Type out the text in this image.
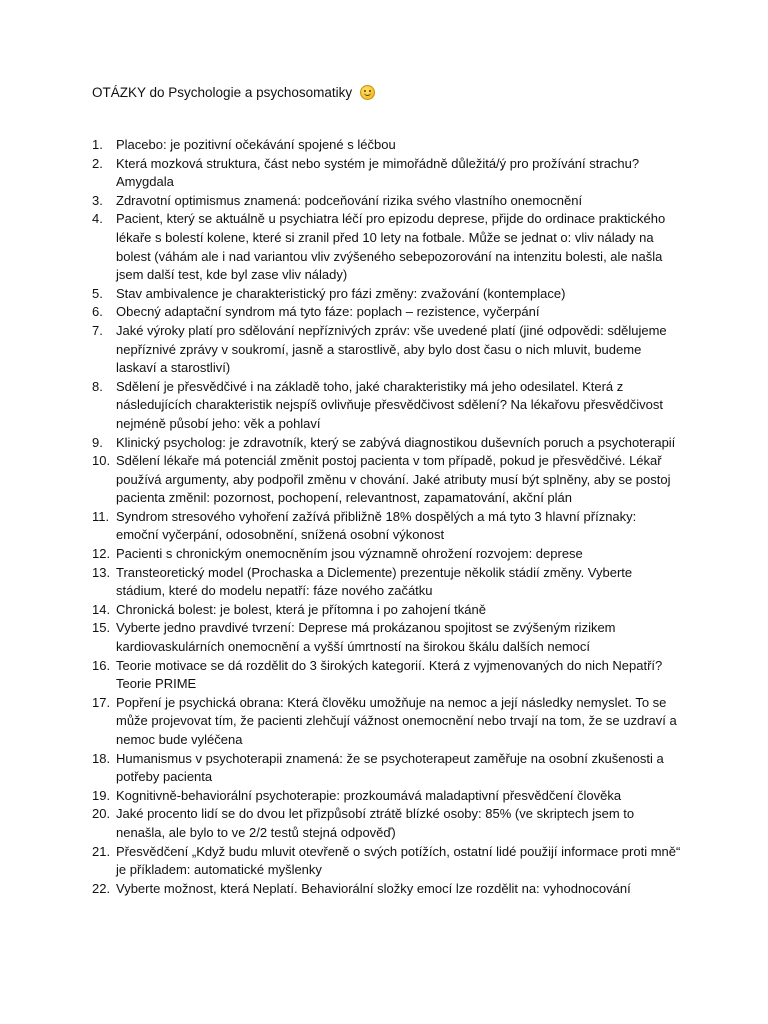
OTÁZKY do Psychologie a psychosomatiky
1.	Placebo: je pozitivní očekávání spojené s léčbou
2.	Která mozková struktura, část nebo systém je mimořádně důležitá/ý pro prožívání strachu? Amygdala
3.	Zdravotní optimismus znamená: podceňování rizika svého vlastního onemocnění
4.	Pacient, který se aktuálně u psychiatra léčí pro epizodu deprese, přijde do ordinace praktického lékaře s bolestí kolene, které si zranil před 10 lety na fotbale. Může se jednat o: vliv nálady na bolest (váhám ale i nad variantou vliv zvýšeného sebepozorování na intenzitu bolesti, ale našla jsem další test, kde byl zase vliv nálady)
5.	Stav ambivalence je charakteristický pro fázi změny: zvažování (kontemplace)
6.	Obecný adaptační syndrom má tyto fáze: poplach – rezistence, vyčerpání
7.	Jaké výroky platí pro sdělování nepříznivých zpráv: vše uvedené platí (jiné odpovědi: sdělujeme nepříznivé zprávy v soukromí, jasně a starostlivě, aby bylo dost času o nich mluvit, budeme laskaví a starostliví)
8.	Sdělení je přesvědčivé i na základě toho, jaké charakteristiky má jeho odesilatel. Která z následujících charakteristik nejspíš ovlivňuje přesvědčivost sdělení? Na lékařovu přesvědčivost nejméně působí jeho: věk a pohlaví
9.	Klinický psycholog: je zdravotník, který se zabývá diagnostikou duševních poruch a psychoterapií
10. Sdělení lékaře má potenciál změnit postoj pacienta v tom případě, pokud je přesvědčivé. Lékař používá argumenty, aby podpořil změnu v chování. Jaké atributy musí být splněny, aby se postoj pacienta změnil: pozornost, pochopení, relevantnost, zapamatování, akční plán
11. Syndrom stresového vyhoření zažívá přibližně 18% dospělých a má tyto 3 hlavní příznaky: emoční vyčerpání, odosobnění, snížená osobní výkonost
12. Pacienti s chronickým onemocněním jsou významně ohrožení rozvojem: deprese
13. Transteoretický model (Prochaska a Diclemente) prezentuje několik stádií změny. Vyberte stádium, které do modelu nepatří: fáze nového začátku
14. Chronická bolest: je bolest, která je přítomna i po zahojení tkáně
15. Vyberte jedno pravdivé tvrzení: Deprese má prokázanou spojitost se zvýšeným rizikem kardiovaskulárních onemocnění a vyšší úmrtností na širokou škálu dalších nemocí
16. Teorie motivace se dá rozdělit do 3 širokých kategorií. Která z vyjmenovaných do nich Nepatří? Teorie PRIME
17. Popření je psychická obrana: Která člověku umožňuje na nemoc a její následky nemyslet. To se může projevovat tím, že pacienti zlehčují vážnost onemocnění nebo trvají na tom, že se uzdraví a nemoc bude vyléčena
18. Humanismus v psychoterapii znamená: že se psychoterapeut zaměřuje na osobní zkušenosti a potřeby pacienta
19. Kognitivně-behaviorální psychoterapie: prozkoumává maladaptivní přesvědčení člověka
20. Jaké procento lidí se do dvou let přizpůsobí ztrátě blízké osoby: 85% (ve skriptech jsem to nenašla, ale bylo to ve 2/2 testů stejná odpověď)
21. Přesvědčení „Když budu mluvit otevřeně o svých potížích, ostatní lidé použijí informace proti mně“ je příkladem: automatické myšlenky
22. Vyberte možnost, která Neplatí. Behaviorální složky emocí lze rozdělit na: vyhodnocování
